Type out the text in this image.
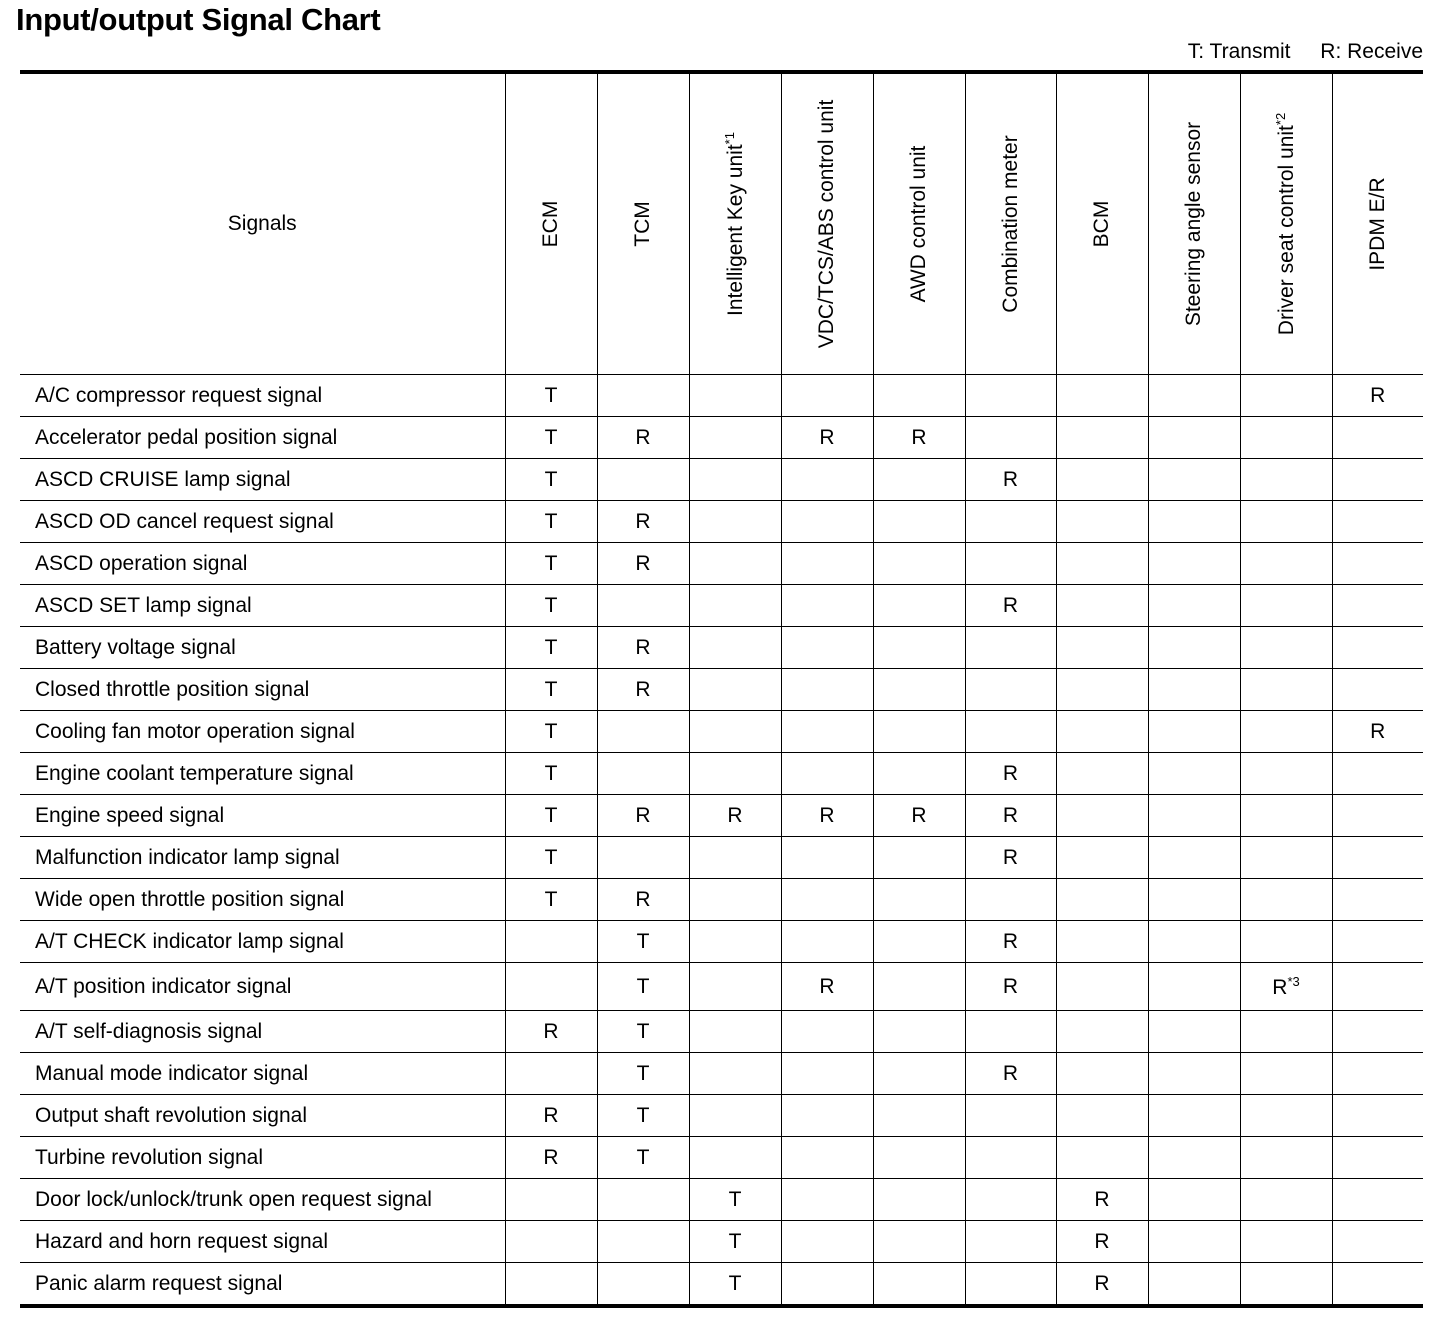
Input/output Signal Chart
T: Transmit R: Receive
Signals	ECM	TCM	Intelligent Key unit$^{*1}$	VDC/TCS/ABS control unit	AWD control unit	Combination meter	BCM	Steering angle sensor	Driver seat control unit$^{*2}$	IPDM E/R

A/C compressor request signal	T									R
Accelerator pedal position signal	T	R		R	R					
ASCD CRUISE lamp signal	T					R				
ASCD OD cancel request signal	T	R								
ASCD operation signal	T	R								
ASCD SET lamp signal	T					R				
Battery voltage signal	T	R								
Closed throttle position signal	T	R								
Cooling fan motor operation signal	T									R
Engine coolant temperature signal	T					R				
Engine speed signal	T	R	R	R	R	R				
Malfunction indicator lamp signal	T					R				
Wide open throttle position signal	T	R								
A/T CHECK indicator lamp signal		T				R				
A/T position indicator signal		T		R		R			$R^{*3}$	
A/T self-diagnosis signal	R	T								
Manual mode indicator signal		T				R				
Output shaft revolution signal	R	T								
Turbine revolution signal	R	T								
Door lock/unlock/trunk open request signal			T				R			
Hazard and horn request signal			T				R			
Panic alarm request signal			T				R			
